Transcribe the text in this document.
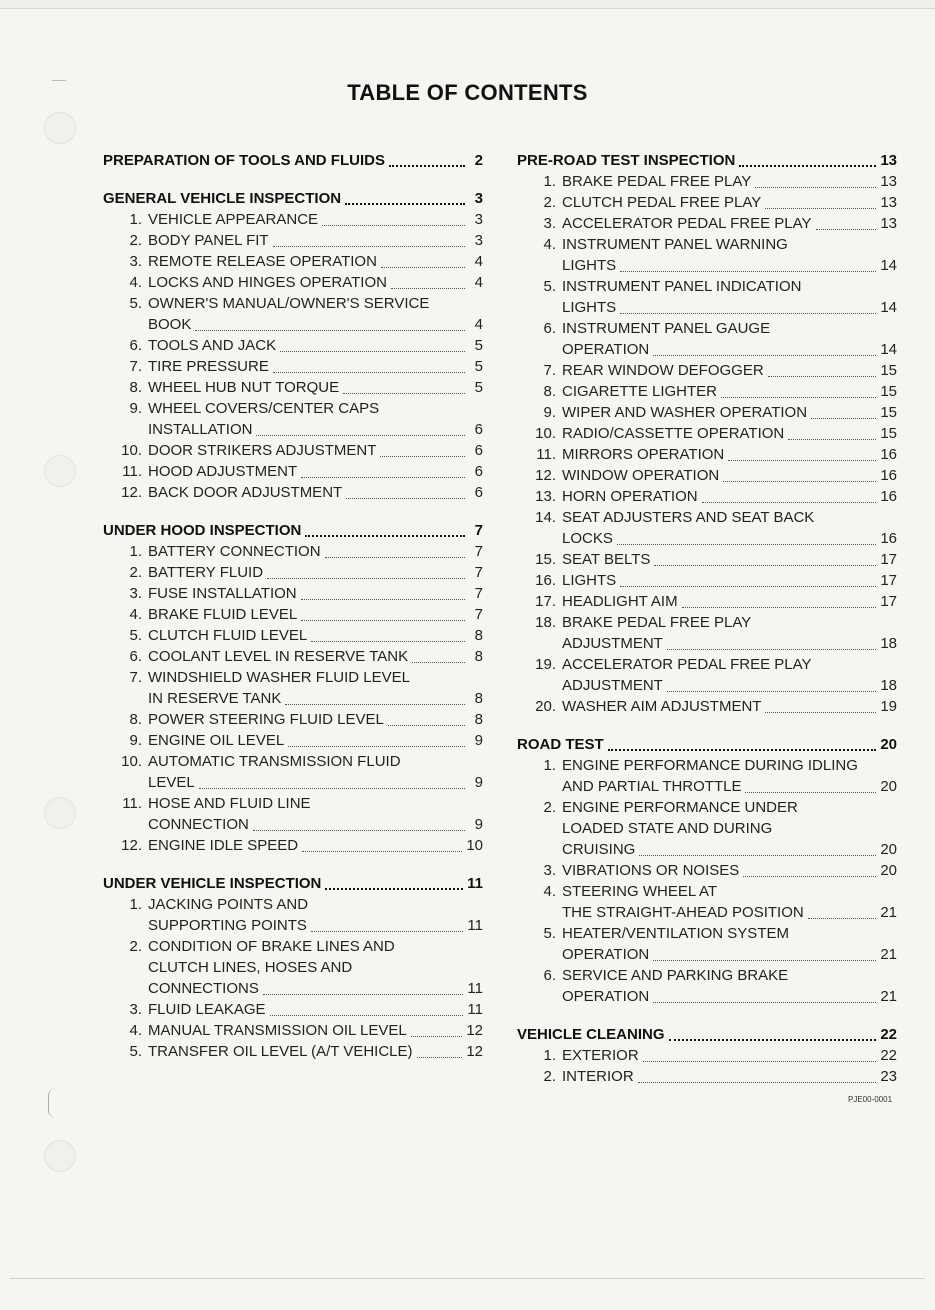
TABLE OF CONTENTS
PREPARATION OF TOOLS AND FLUIDS	2
GENERAL VEHICLE INSPECTION	3
1. VEHICLE APPEARANCE	3
2. BODY PANEL FIT	3
3. REMOTE RELEASE OPERATION	4
4. LOCKS AND HINGES OPERATION	4
5. OWNER'S MANUAL/OWNER'S SERVICE
BOOK	4
6. TOOLS AND JACK	5
7. TIRE PRESSURE	5
8. WHEEL HUB NUT TORQUE	5
9. WHEEL COVERS/CENTER CAPS
INSTALLATION	6
10. DOOR STRIKERS ADJUSTMENT	6
11. HOOD ADJUSTMENT	6
12. BACK DOOR ADJUSTMENT	6
UNDER HOOD INSPECTION	7
1. BATTERY CONNECTION	7
2. BATTERY FLUID	7
3. FUSE INSTALLATION	7
4. BRAKE FLUID LEVEL	7
5. CLUTCH FLUID LEVEL	8
6. COOLANT LEVEL IN RESERVE TANK	8
7. WINDSHIELD WASHER FLUID LEVEL
IN RESERVE TANK	8
8. POWER STEERING FLUID LEVEL	8
9. ENGINE OIL LEVEL	9
10. AUTOMATIC TRANSMISSION FLUID
LEVEL	9
11. HOSE AND FLUID LINE
CONNECTION	9
12. ENGINE IDLE SPEED	10
UNDER VEHICLE INSPECTION	11
1. JACKING POINTS AND
SUPPORTING POINTS	11
2. CONDITION OF BRAKE LINES AND
CLUTCH LINES, HOSES AND
CONNECTIONS	11
3. FLUID LEAKAGE	11
4. MANUAL TRANSMISSION OIL LEVEL	12
5. TRANSFER OIL LEVEL (A/T VEHICLE)	12
PRE-ROAD TEST INSPECTION	13
1. BRAKE PEDAL FREE PLAY	13
2. CLUTCH PEDAL FREE PLAY	13
3. ACCELERATOR PEDAL FREE PLAY	13
4. INSTRUMENT PANEL WARNING
LIGHTS	14
5. INSTRUMENT PANEL INDICATION
LIGHTS	14
6. INSTRUMENT PANEL GAUGE
OPERATION	14
7. REAR WINDOW DEFOGGER	15
8. CIGARETTE LIGHTER	15
9. WIPER AND WASHER OPERATION	15
10. RADIO/CASSETTE OPERATION	15
11. MIRRORS OPERATION	16
12. WINDOW OPERATION	16
13. HORN OPERATION	16
14. SEAT ADJUSTERS AND SEAT BACK
LOCKS	16
15. SEAT BELTS	17
16. LIGHTS	17
17. HEADLIGHT AIM	17
18. BRAKE PEDAL FREE PLAY
ADJUSTMENT	18
19. ACCELERATOR PEDAL FREE PLAY
ADJUSTMENT	18
20. WASHER AIM ADJUSTMENT	19
ROAD TEST	20
1. ENGINE PERFORMANCE DURING IDLING
AND PARTIAL THROTTLE	20
2. ENGINE PERFORMANCE UNDER
LOADED STATE AND DURING
CRUISING	20
3. VIBRATIONS OR NOISES	20
4. STEERING WHEEL AT
THE STRAIGHT-AHEAD POSITION	21
5. HEATER/VENTILATION SYSTEM
OPERATION	21
6. SERVICE AND PARKING BRAKE
OPERATION	21
VEHICLE CLEANING	22
1. EXTERIOR	22
2. INTERIOR	23
PJE00-0001
